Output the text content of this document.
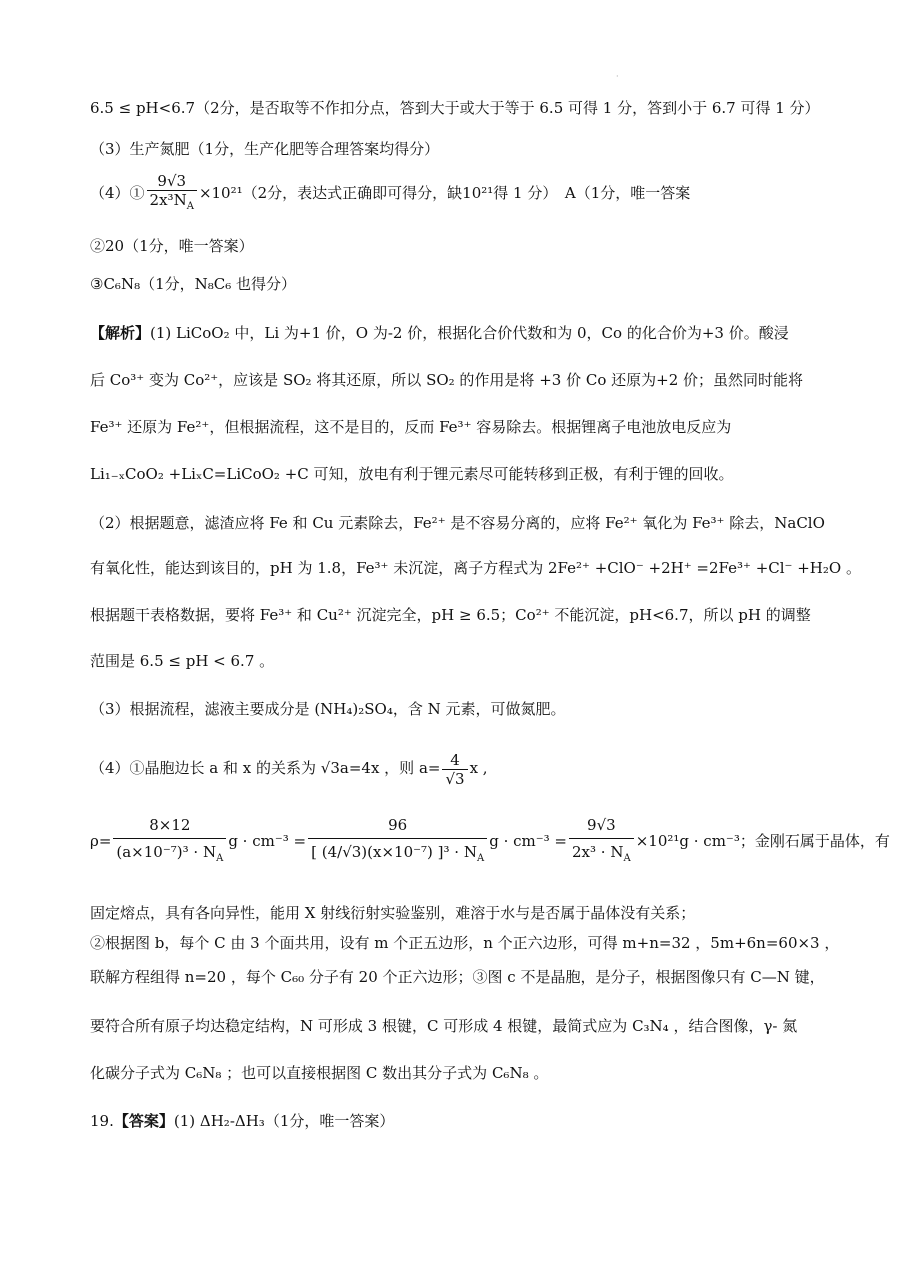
·
6.5 ≤ pH<6.7（2分，是否取等不作扣分点，答到大于或大于等于 6.5 可得 1 分，答到小于 6.7 可得 1 分）
（3）生产氮肥（1分，生产化肥等合理答案均得分）
（4）① $\frac{9√3}{2x^3N_A} \times 10^{21}(2$分，表达式正确即可得分，缺10²¹得 1 分）　A（1分，唯一答案
②20（1分，唯一答案）
③C₆N₈（1分，N₈C₆ 也得分）
【解析】(1) LiCoO₂ 中，Li 为+1 价，O 为-2 价，根据化合价代数和为 0，Co 的化合价为+3 价。酸浸
后 Co³⁺ 变为 Co²⁺，应该是 SO₂ 将其还原，所以 SO₂ 的作用是将 +3 价 Co 还原为+2 价；虽然同时能将
Fe³⁺ 还原为 Fe²⁺，但根据流程，这不是目的，反而 Fe³⁺ 容易除去。根据锂离子电池放电反应为
Li₁₋ₓCoO₂ +LiₓC=LiCoO₂ +C 可知，放电有利于锂元素尽可能转移到正极，有利于锂的回收。
（2）根据题意，滤渣应将 Fe 和 Cu 元素除去，Fe²⁺ 是不容易分离的，应将 Fe²⁺ 氧化为 Fe³⁺ 除去，NaClO
有氧化性，能达到该目的，pH 为 1.8，Fe³⁺ 未沉淀，离子方程式为 2Fe²⁺ +ClO⁻ +2H⁺ =2Fe³⁺ +Cl⁻ +H₂O 。
根据题干表格数据，要将 Fe³⁺ 和 Cu²⁺ 沉淀完全，pH ≥ 6.5；Co²⁺ 不能沉淀，pH<6.7，所以 pH 的调整
范围是 6.5 ≤ pH < 6.7 。
（3）根据流程，滤液主要成分是 (NH₄)₂SO₄，含 N 元素，可做氮肥。
（4）①晶胞边长 a 和 x 的关系为 √3a=4x ，则 $a= \frac{4}{√3}$ x ,
$\rho= \frac{8\times 12}{(a\times 10^{-7})^3 \cdot N_A}$ $g \cdot cm^{-3} = \frac{96}{[ (4/√3)(x\times 10^{-7}) ]^3 \cdot N_A}$ $g \cdot cm^{-3} = \frac{9√3}{2x^3 \cdot N_A} \times 10^{21}g \cdot cm^{-3}$；金刚石属于晶体，有
固定熔点，具有各向异性，能用 X 射线衍射实验鉴别，难溶于水与是否属于晶体没有关系；
②根据图 b，每个 C 由 3 个面共用，设有 m 个正五边形，n 个正六边形，可得 m+n=32 ，5m+6n=60×3 ，
联解方程组得 n=20 ，每个 C₆₀ 分子有 20 个正六边形；③图 c 不是晶胞，是分子，根据图像只有 C—N 键，
要符合所有原子均达稳定结构，N 可形成 3 根键，C 可形成 4 根键，最简式应为 C₃N₄ ，结合图像，γ- 氮
化碳分子式为 C₆N₈ ；也可以直接根据图 C 数出其分子式为 C₆N₈ 。
19.【答案】(1) ΔH₂-ΔH₃（1分，唯一答案）
